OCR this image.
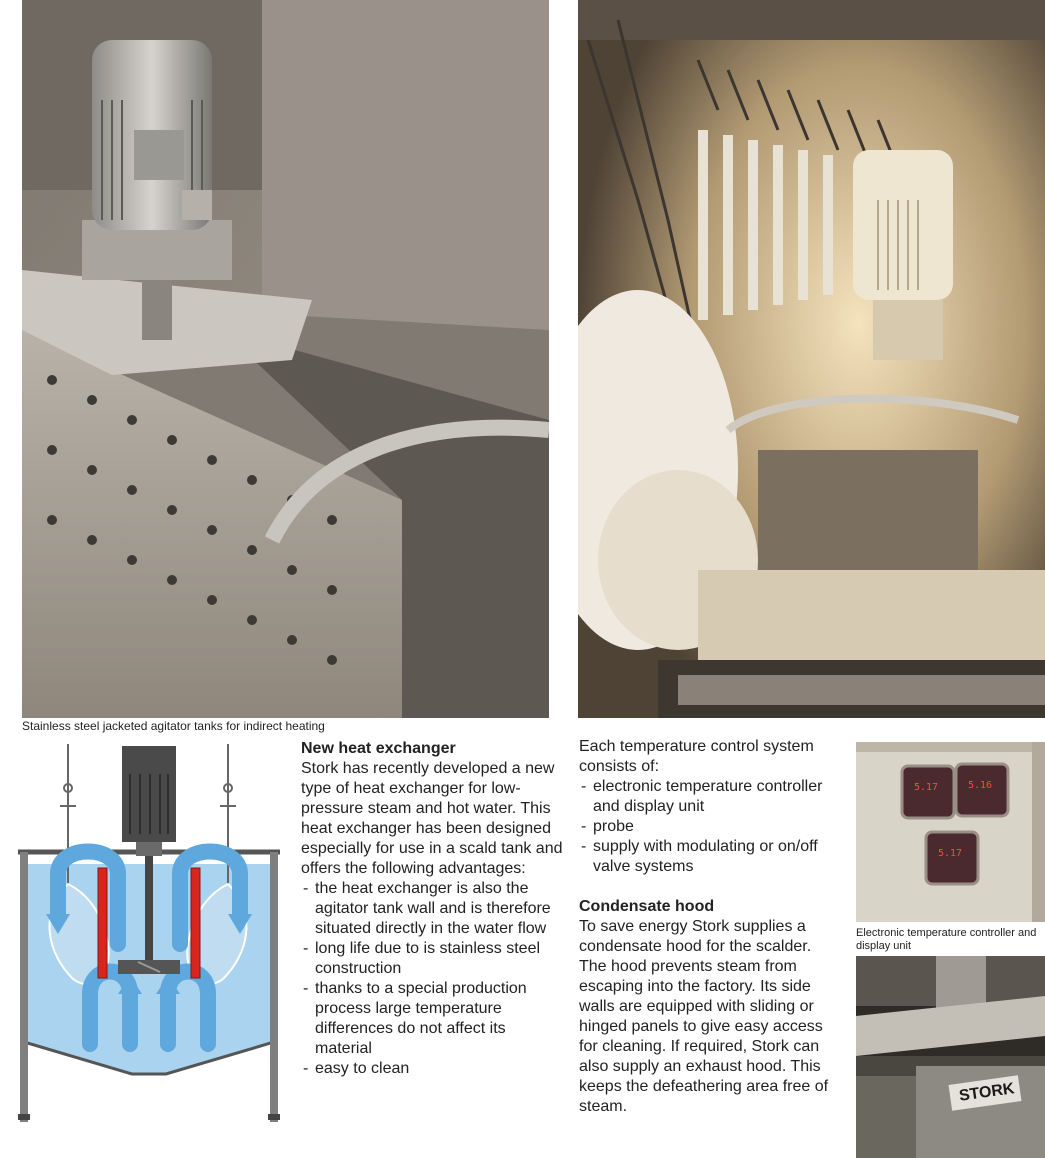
Stainless steel jacketed agitator tanks for indirect heating
New heat exchanger

Stork has recently developed a new type of heat exchanger for low-pressure steam and hot water. This heat exchanger has been designed especially for use in a scald tank and offers the following advantages:

- the heat exchanger is also the agitator tank wall and is therefore situated directly in the water flow
- long life due to is stainless steel construction
- thanks to a special production process large temperature differences do not affect its material
- easy to clean

Each temperature control system consists of:

- electronic temperature controller and display unit
- probe
- supply with modulating or on/off valve systems
Condensate hood

To save energy Stork supplies a condensate hood for the scalder.

The hood prevents steam from escaping into the factory. Its side walls are equipped with sliding or hinged panels to give easy access for cleaning. If required, Stork can also supply an exhaust hood. This keeps the defeathering area free of steam.

5.17	5.16
5.17
Electronic temperature controller and display unit
STORK
